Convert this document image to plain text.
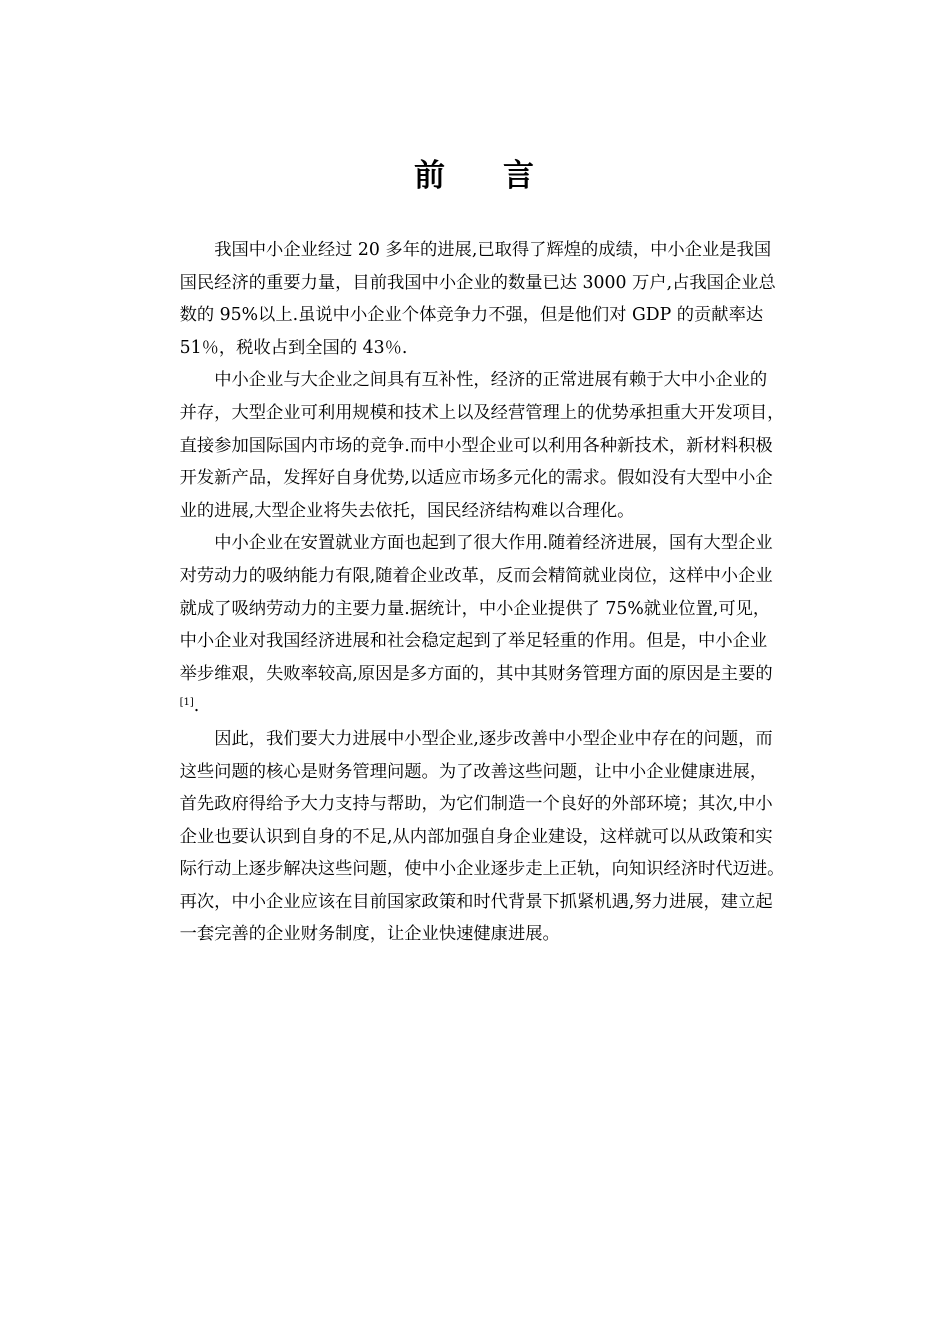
前 言
我国中小企业经过 20 多年的进展,已取得了辉煌的成绩，中小企业是我国
国民经济的重要力量，目前我国中小企业的数量已达 3000 万户,占我国企业总
数的 95%以上.虽说中小企业个体竞争力不强，但是他们对 GDP 的贡献率达
51％，税收占到全国的 43％.
中小企业与大企业之间具有互补性，经济的正常进展有赖于大中小企业的
并存，大型企业可利用规模和技术上以及经营管理上的优势承担重大开发项目，
直接参加国际国内市场的竞争.而中小型企业可以利用各种新技术，新材料积极
开发新产品，发挥好自身优势,以适应市场多元化的需求。假如没有大型中小企
业的进展,大型企业将失去依托，国民经济结构难以合理化。
中小企业在安置就业方面也起到了很大作用.随着经济进展，国有大型企业
对劳动力的吸纳能力有限,随着企业改革，反而会精简就业岗位，这样中小企业
就成了吸纳劳动力的主要力量.据统计，中小企业提供了 75%就业位置,可见，
中小企业对我国经济进展和社会稳定起到了举足轻重的作用。但是，中小企业
举步维艰，失败率较高,原因是多方面的，其中其财务管理方面的原因是主要的
[1].
因此，我们要大力进展中小型企业,逐步改善中小型企业中存在的问题，而
这些问题的核心是财务管理问题。为了改善这些问题，让中小企业健康进展，
首先政府得给予大力支持与帮助，为它们制造一个良好的外部环境；其次,中小
企业也要认识到自身的不足,从内部加强自身企业建设，这样就可以从政策和实
际行动上逐步解决这些问题，使中小企业逐步走上正轨，向知识经济时代迈进。
再次，中小企业应该在目前国家政策和时代背景下抓紧机遇,努力进展，建立起
一套完善的企业财务制度，让企业快速健康进展。
